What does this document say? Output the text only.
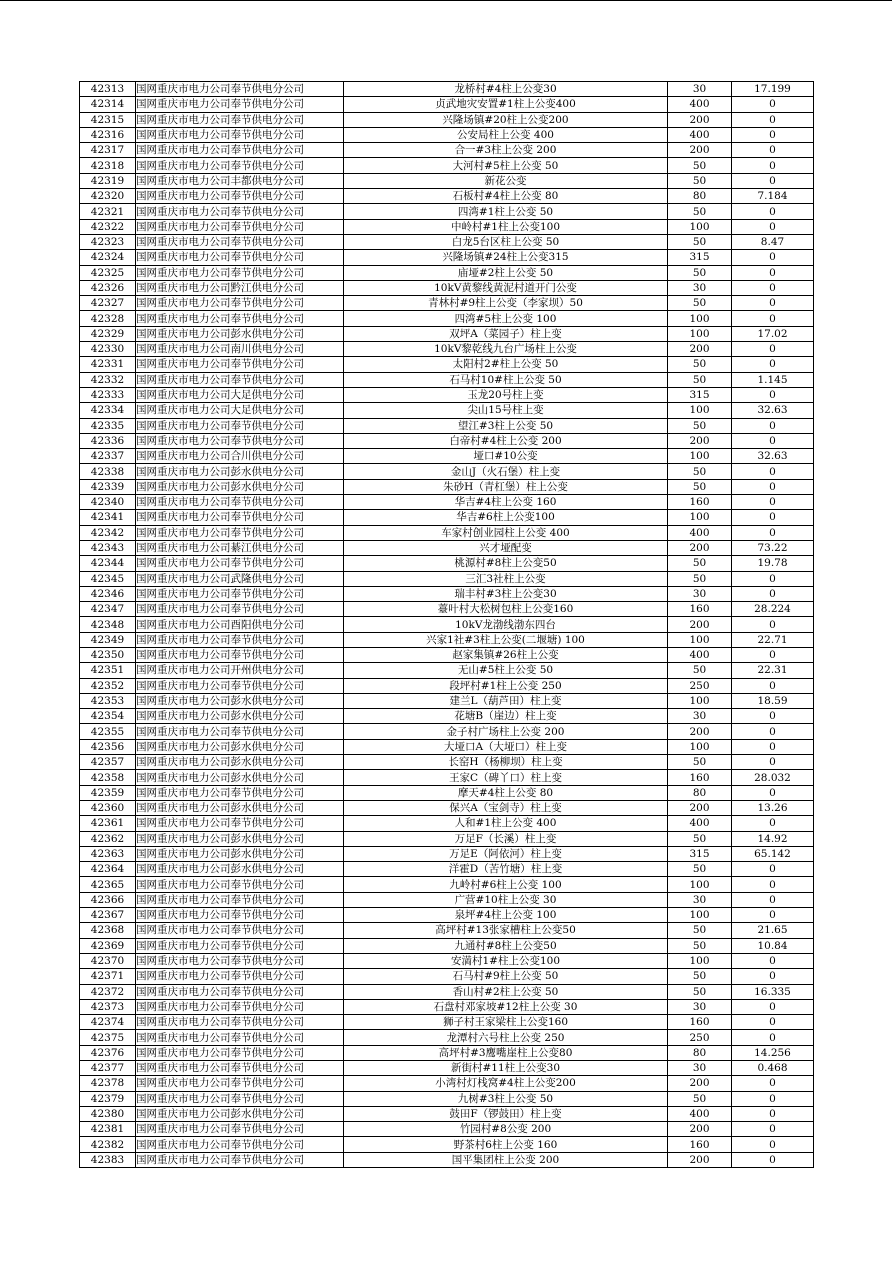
42313	国网重庆市电力公司奉节供电分公司	龙桥村#4柱上公变30	30	17.199
42314	国网重庆市电力公司奉节供电分公司	贞武地灾安置#1柱上公变400	400	0
42315	国网重庆市电力公司奉节供电分公司	兴隆场镇#20柱上公变200	200	0
42316	国网重庆市电力公司奉节供电分公司	公安局柱上公变 400	400	0
42317	国网重庆市电力公司奉节供电分公司	合一#3柱上公变 200	200	0
42318	国网重庆市电力公司奉节供电分公司	大河村#5柱上公变 50	50	0
42319	国网重庆市电力公司丰都供电分公司	新花公变	50	0
42320	国网重庆市电力公司奉节供电分公司	石板村#4柱上公变 80	80	7.184
42321	国网重庆市电力公司奉节供电分公司	四湾#1柱上公变 50	50	0
42322	国网重庆市电力公司奉节供电分公司	中岭村#1柱上公变100	100	0
42323	国网重庆市电力公司奉节供电分公司	白龙5台区柱上公变 50	50	8.47
42324	国网重庆市电力公司奉节供电分公司	兴隆场镇#24柱上公变315	315	0
42325	国网重庆市电力公司奉节供电分公司	庙垭#2柱上公变 50	50	0
42326	国网重庆市电力公司黔江供电分公司	10kV黄黎线黄泥村道开门公变	30	0
42327	国网重庆市电力公司奉节供电分公司	青林村#9柱上公变（李家坝）50	50	0
42328	国网重庆市电力公司奉节供电分公司	四湾#5柱上公变 100	100	0
42329	国网重庆市电力公司彭水供电分公司	双坪A（菜园子）柱上变	100	17.02
42330	国网重庆市电力公司南川供电分公司	10kV黎乾线九台广场柱上公变	200	0
42331	国网重庆市电力公司奉节供电分公司	太阳村2#柱上公变 50	50	0
42332	国网重庆市电力公司奉节供电分公司	石马村10#柱上公变 50	50	1.145
42333	国网重庆市电力公司大足供电分公司	玉龙20号柱上变	315	0
42334	国网重庆市电力公司大足供电分公司	尖山15号柱上变	100	32.63
42335	国网重庆市电力公司奉节供电分公司	望江#3柱上公变 50	50	0
42336	国网重庆市电力公司奉节供电分公司	白帝村#4柱上公变 200	200	0
42337	国网重庆市电力公司合川供电分公司	垭口#10公变	100	32.63
42338	国网重庆市电力公司彭水供电分公司	金山J（火石堡）柱上变	50	0
42339	国网重庆市电力公司彭水供电分公司	朱砂H（青杠堡）柱上公变	50	0
42340	国网重庆市电力公司奉节供电分公司	华吉#4柱上公变 160	160	0
42341	国网重庆市电力公司奉节供电分公司	华吉#6柱上公变100	100	0
42342	国网重庆市电力公司奉节供电分公司	车家村创业园柱上公变 400	400	0
42343	国网重庆市电力公司綦江供电分公司	兴才垭配变	200	73.22
42344	国网重庆市电力公司奉节供电分公司	桃源村#8柱上公变50	50	19.78
42345	国网重庆市电力公司武隆供电分公司	三汇3社柱上公变	50	0
42346	国网重庆市电力公司奉节供电分公司	瑞丰村#3柱上公变30	30	0
42347	国网重庆市电力公司奉节供电分公司	薹叶村大松树包柱上公变160	160	28.224
42348	国网重庆市电力公司酉阳供电分公司	10kV龙渤线渤东四台	200	0
42349	国网重庆市电力公司奉节供电分公司	兴家1社#3柱上公变(二堰塘) 100	100	22.71
42350	国网重庆市电力公司奉节供电分公司	赵家集镇#26柱上公变	400	0
42351	国网重庆市电力公司开州供电分公司	无山#5柱上公变 50	50	22.31
42352	国网重庆市电力公司奉节供电分公司	段坪村#1柱上公变 250	250	0
42353	国网重庆市电力公司彭水供电分公司	建兰L（葫芦田）柱上变	100	18.59
42354	国网重庆市电力公司彭水供电分公司	花塘B（崖边）柱上变	30	0
42355	国网重庆市电力公司奉节供电分公司	金子村广场柱上公变 200	200	0
42356	国网重庆市电力公司彭水供电分公司	大垭口A（大垭口）柱上变	100	0
42357	国网重庆市电力公司彭水供电分公司	长窑H（杨柳坝）柱上变	50	0
42358	国网重庆市电力公司彭水供电分公司	王家C（碑丫口）柱上变	160	28.032
42359	国网重庆市电力公司奉节供电分公司	摩天#4柱上公变 80	80	0
42360	国网重庆市电力公司彭水供电分公司	保兴A（宝剑寺）柱上变	200	13.26
42361	国网重庆市电力公司奉节供电分公司	人和#1柱上公变 400	400	0
42362	国网重庆市电力公司彭水供电分公司	万足F（长溪）柱上变	50	14.92
42363	国网重庆市电力公司彭水供电分公司	万足E（阿依河）柱上变	315	65.142
42364	国网重庆市电力公司彭水供电分公司	洋霍D（苦竹塘）柱上变	50	0
42365	国网重庆市电力公司奉节供电分公司	九岭村#6柱上公变 100	100	0
42366	国网重庆市电力公司奉节供电分公司	广营#10柱上公变 30	30	0
42367	国网重庆市电力公司奉节供电分公司	泉坪#4柱上公变 100	100	0
42368	国网重庆市电力公司奉节供电分公司	高坪村#13张家槽柱上公变50	50	21.65
42369	国网重庆市电力公司奉节供电分公司	九通村#8柱上公变50	50	10.84
42370	国网重庆市电力公司奉节供电分公司	安満村1#柱上公变100	100	0
42371	国网重庆市电力公司奉节供电分公司	石马村#9柱上公变 50	50	0
42372	国网重庆市电力公司奉节供电分公司	香山村#2柱上公变 50	50	16.335
42373	国网重庆市电力公司奉节供电分公司	石盘村邓家坡#12柱上公变 30	30	0
42374	国网重庆市电力公司奉节供电分公司	狮子村王家梁柱上公变160	160	0
42375	国网重庆市电力公司奉节供电分公司	龙潭村六号柱上公变 250	250	0
42376	国网重庆市电力公司奉节供电分公司	高坪村#3鹰嘴崖柱上公变80	80	14.256
42377	国网重庆市电力公司奉节供电分公司	新街村#11柱上公变30	30	0.468
42378	国网重庆市电力公司奉节供电分公司	小湾村灯栈窝#4柱上公变200	200	0
42379	国网重庆市电力公司奉节供电分公司	九树#3柱上公变 50	50	0
42380	国网重庆市电力公司彭水供电分公司	鼓田F（锣鼓田）柱上变	400	0
42381	国网重庆市电力公司奉节供电分公司	竹园村#8公变 200	200	0
42382	国网重庆市电力公司奉节供电分公司	野茶村6柱上公变 160	160	0
42383	国网重庆市电力公司奉节供电分公司	国平集团柱上公变 200	200	0
